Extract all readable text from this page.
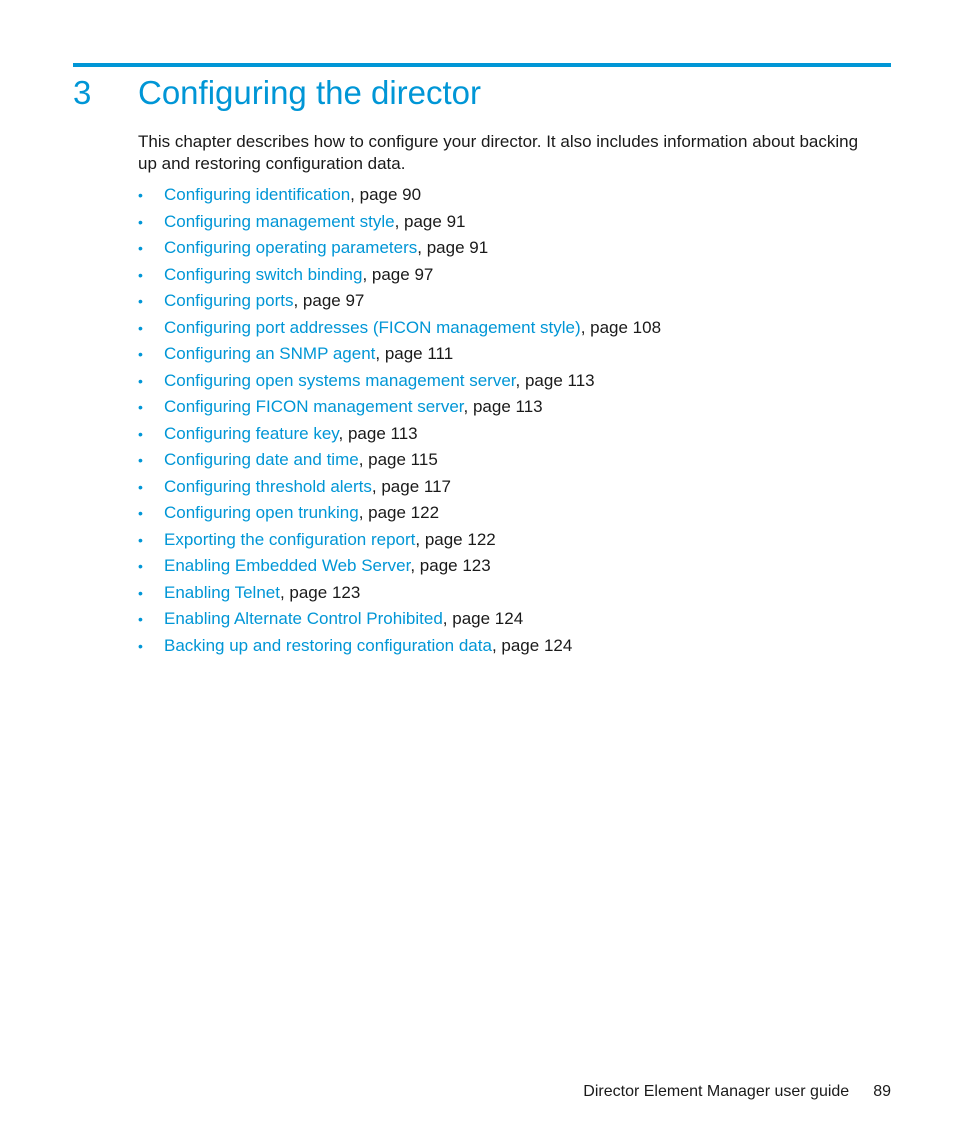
3 Configuring the director

This chapter describes how to configure your director. It also includes information about backing up and restoring configuration data.

• Configuring identification, page 90
• Configuring management style, page 91
• Configuring operating parameters, page 91
• Configuring switch binding, page 97
• Configuring ports, page 97
• Configuring port addresses (FICON management style), page 108
• Configuring an SNMP agent, page 111
• Configuring open systems management server, page 113
• Configuring FICON management server, page 113
• Configuring feature key, page 113
• Configuring date and time, page 115
• Configuring threshold alerts, page 117
• Configuring open trunking, page 122
• Exporting the configuration report, page 122
• Enabling Embedded Web Server, page 123
• Enabling Telnet, page 123
• Enabling Alternate Control Prohibited, page 124
• Backing up and restoring configuration data, page 124
Director Element Manager user guide 89
